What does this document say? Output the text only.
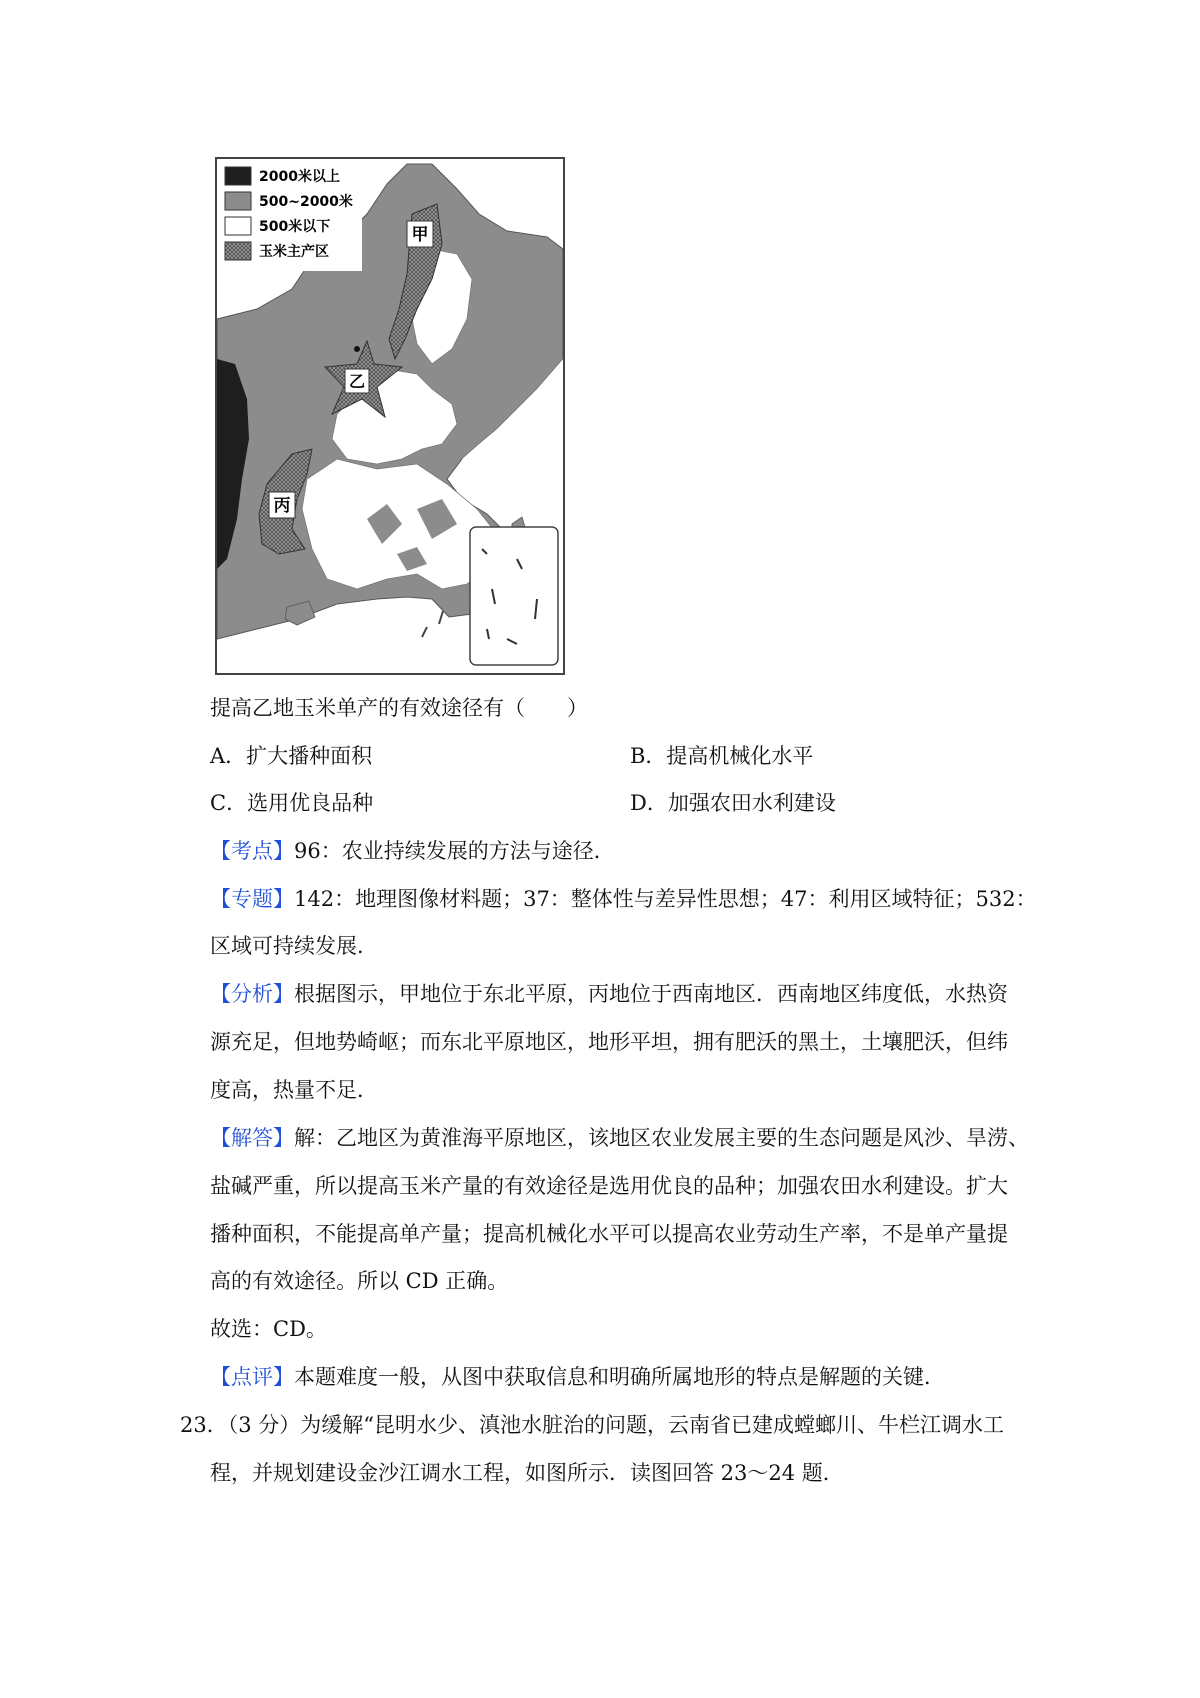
甲
乙
丙
2000米以上
500~2000米
500米以下
玉米主产区
提高乙地玉米单产的有效途径有（　　）
A．扩大播种面积	B．提高机械化水平
C．选用优良品种	D．加强农田水利建设
【考点】96：农业持续发展的方法与途径．
【专题】142：地理图像材料题；37：整体性与差异性思想；47：利用区域特征；532：
区域可持续发展．
【分析】根据图示，甲地位于东北平原，丙地位于西南地区．西南地区纬度低，水热资
源充足，但地势崎岖；而东北平原地区，地形平坦，拥有肥沃的黑土，土壤肥沃，但纬
度高，热量不足．
【解答】解：乙地区为黄淮海平原地区，该地区农业发展主要的生态问题是风沙、旱涝、
盐碱严重，所以提高玉米产量的有效途径是选用优良的品种；加强农田水利建设。扩大
播种面积，不能提高单产量；提高机械化水平可以提高农业劳动生产率，不是单产量提
高的有效途径。所以 CD 正确。
故选：CD。
【点评】本题难度一般，从图中获取信息和明确所属地形的特点是解题的关键．
23．（3 分）为缓解“昆明水少、滇池水脏治的问题，云南省已建成螳螂川、牛栏江调水工
程，并规划建设金沙江调水工程，如图所示．读图回答 23～24 题．
